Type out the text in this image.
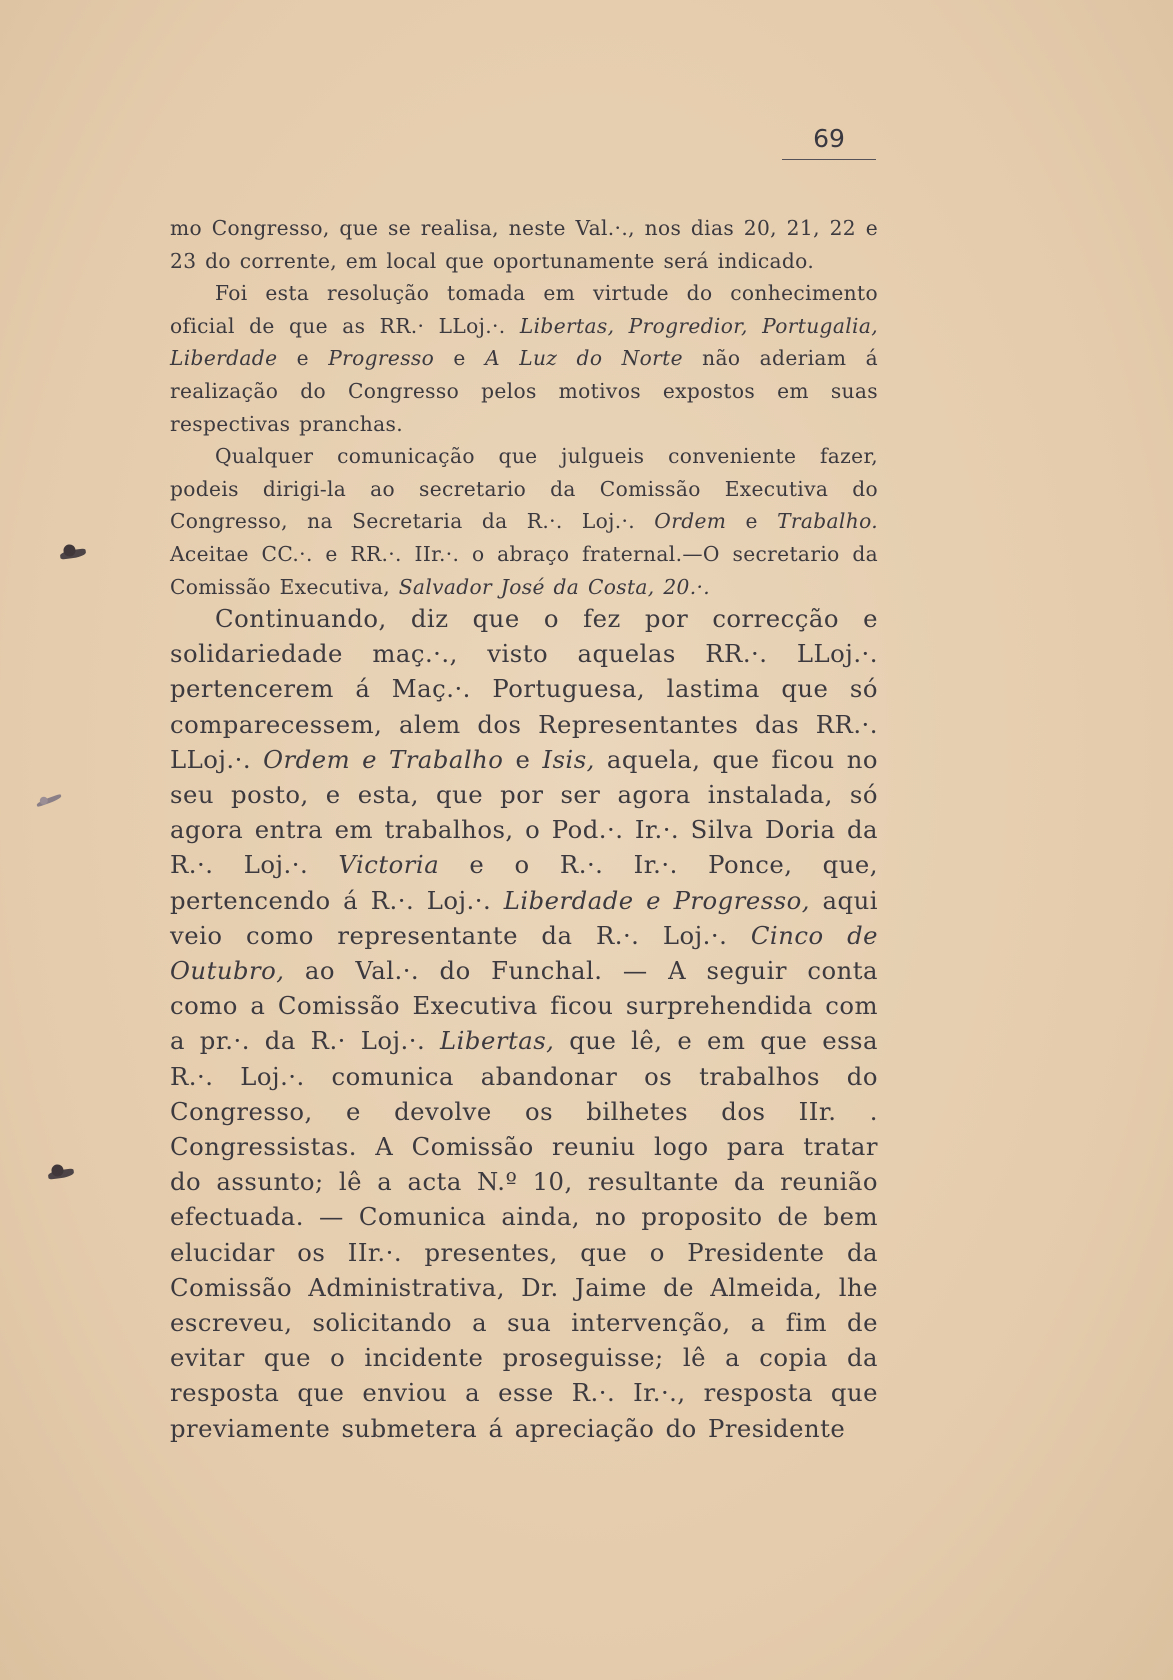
69

mo Congresso, que se realisa, neste Val.·., nos dias 20, 21, 22 e 23 do corrente, em local que oportunamente será indicado.

Foi esta resolução tomada em virtude do conhecimento oficial de que as RR.· LLoj.·. Libertas, Progredior, Portugalia, Liberdade e Progresso e A Luz do Norte não aderiam á realização do Congresso pelos motivos expostos em suas respectivas pranchas.

Qualquer comunicação que julgueis conveniente fazer, podeis dirigi-la ao secretario da Comissão Executiva do Congresso, na Secretaria da R.·. Loj.·. Ordem e Trabalho. Aceitae CC.·. e RR.·. IIr.·. o abraço fraternal.—O secretario da Comissão Executiva, Salvador José da Costa, 20.·.

Continuando, diz que o fez por correcção e solidariedade maç.·., visto aquelas RR.·. LLoj.·. pertencerem á Maç.·. Portuguesa, lastima que só comparecessem, alem dos Representantes das RR.·. LLoj.·. Ordem e Trabalho e Isis, aquela, que ficou no seu posto, e esta, que por ser agora instalada, só agora entra em trabalhos, o Pod.·. Ir.·. Silva Doria da R.·. Loj.·. Victoria e o R.·. Ir.·. Ponce, que, pertencendo á R.·. Loj.·. Liberdade e Progresso, aqui veio como representante da R.·. Loj.·. Cinco de Outubro, ao Val.·. do Funchal. — A seguir conta como a Comissão Executiva ficou surprehendida com a pr.·. da R.· Loj.·. Libertas, que lê, e em que essa R.·. Loj.·. comunica abandonar os trabalhos do Congresso, e devolve os bilhetes dos IIr. . Congressistas. A Comissão reuniu logo para tratar do assunto; lê a acta N.º 10, resultante da reunião efectuada. — Comunica ainda, no proposito de bem elucidar os IIr.·. presentes, que o Presidente da Comissão Administrativa, Dr. Jaime de Almeida, lhe escreveu, solicitando a sua intervenção, a fim de evitar que o incidente proseguisse; lê a copia da resposta que enviou a esse R.·. Ir.·., resposta que previamente submetera á apreciação do Presidente
